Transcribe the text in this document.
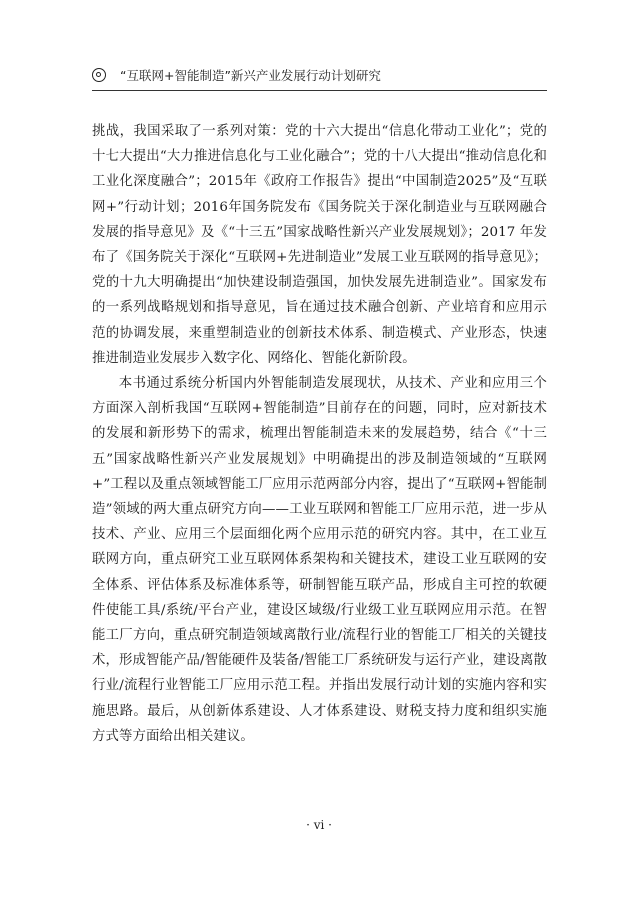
“互联网+智能制造”新兴产业发展行动计划研究

挑战，我国采取了一系列对策：党的十六大提出“信息化带动工业化”；党的十七大提出“大力推进信息化与工业化融合”；党的十八大提出“推动信息化和工业化深度融合”；2015年《政府工作报告》提出“中国制造2025”及“互联网+”行动计划；2016年国务院发布《国务院关于深化制造业与互联网融合发展的指导意见》及《“十三五”国家战略性新兴产业发展规划》；2017 年发布了《国务院关于深化“互联网+先进制造业”发展工业互联网的指导意见》；党的十九大明确提出“加快建设制造强国，加快发展先进制造业”。国家发布的一系列战略规划和指导意见，旨在通过技术融合创新、产业培育和应用示范的协调发展，来重塑制造业的创新技术体系、制造模式、产业形态，快速推进制造业发展步入数字化、网络化、智能化新阶段。

本书通过系统分析国内外智能制造发展现状，从技术、产业和应用三个方面深入剖析我国“互联网+智能制造”目前存在的问题，同时，应对新技术的发展和新形势下的需求，梳理出智能制造未来的发展趋势，结合《“十三五”国家战略性新兴产业发展规划》中明确提出的涉及制造领域的“互联网+”工程以及重点领域智能工厂应用示范两部分内容，提出了“互联网+智能制造”领域的两大重点研究方向——工业互联网和智能工厂应用示范，进一步从技术、产业、应用三个层面细化两个应用示范的研究内容。其中，在工业互联网方向，重点研究工业互联网体系架构和关键技术，建设工业互联网的安全体系、评估体系及标准体系等，研制智能互联产品，形成自主可控的软硬件使能工具/系统/平台产业，建设区域级/行业级工业互联网应用示范。在智能工厂方向，重点研究制造领域离散行业/流程行业的智能工厂相关的关键技术，形成智能产品/智能硬件及装备/智能工厂系统研发与运行产业，建设离散行业/流程行业智能工厂应用示范工程。并指出发展行动计划的实施内容和实施思路。最后，从创新体系建设、人才体系建设、财税支持力度和组织实施方式等方面给出相关建议。

· vi ·
